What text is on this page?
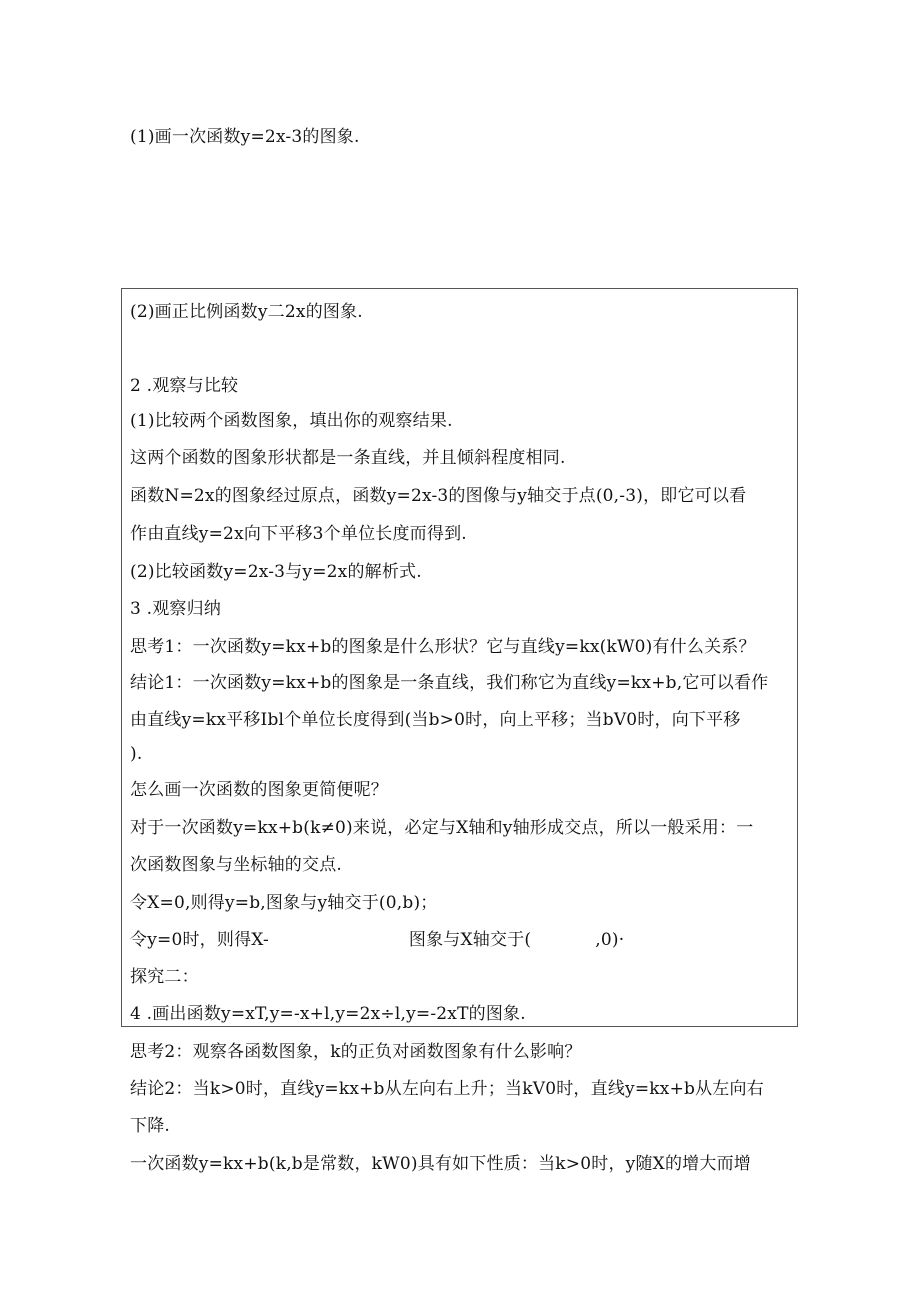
(1)画一次函数y=2x-3的图象.
(2)画正比例函数y二2x的图象.
2 .观察与比较
(1)比较两个函数图象，填出你的观察结果.
这两个函数的图象形状都是一条直线，并且倾斜程度相同.
函数N=2x的图象经过原点，函数y=2x-3的图像与y轴交于点(0,-3)，即它可以看
作由直线y=2x向下平移3个单位长度而得到.
(2)比较函数y=2x-3与y=2x的解析式.
3 .观察归纳
思考1：一次函数y=kx+b的图象是什么形状？它与直线y=kx(kW0)有什么关系？
结论1：一次函数y=kx+b的图象是一条直线，我们称它为直线y=kx+b,它可以看作
由直线y=kx平移Ibl个单位长度得到(当b>0时，向上平移；当bV0时，向下平移
).
怎么画一次函数的图象更简便呢？
对于一次函数y=kx+b(k≠0)来说，必定与X轴和y轴形成交点，所以一般采用：一
次函数图象与坐标轴的交点.
令X=0,则得y=b,图象与y轴交于(0,b)；
令y=0时，则得X-	图象与X轴交于(	,0)·
探究二：
4 .画出函数y=xT,y=-x+l,y=2x÷l,y=-2xT的图象.
思考2：观察各函数图象，k的正负对函数图象有什么影响？
结论2：当k>0时，直线y=kx+b从左向右上升；当kV0时，直线y=kx+b从左向右
下降.
一次函数y=kx+b(k,b是常数，kW0)具有如下性质：当k>0时，y随X的增大而增
